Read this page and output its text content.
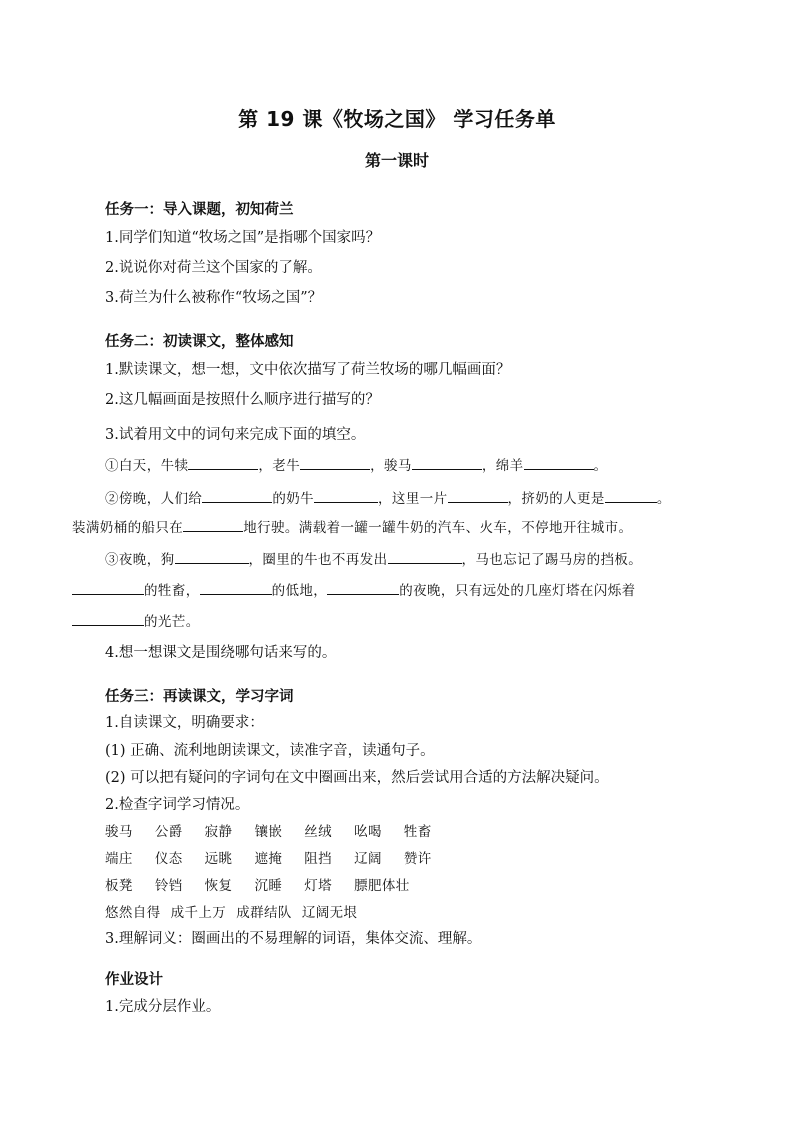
第 19 课《牧场之国》 学习任务单
第一课时
任务一：导入课题，初知荷兰
1.同学们知道“牧场之国”是指哪个国家吗？
2.说说你对荷兰这个国家的了解。
3.荷兰为什么被称作“牧场之国”？
任务二：初读课文，整体感知
1.默读课文，想一想，文中依次描写了荷兰牧场的哪几幅画面？
2.这几幅画面是按照什么顺序进行描写的？
3.试着用文中的词句来完成下面的填空。
①白天，牛犊	，老牛	，骏马	，绵羊	。
②傍晚，人们给	的奶牛	，这里一片	，挤奶的人更是	。
装满奶桶的船只在	地行驶。满载着一罐一罐牛奶的汽车、火车，不停地开往城市。
③夜晚，狗	，圈里的牛也不再发出	，马也忘记了踢马房的挡板。
的牲畜，	的低地，	的夜晚，只有远处的几座灯塔在闪烁着
的光芒。
4.想一想课文是围绕哪句话来写的。
任务三：再读课文，学习字词
1.自读课文，明确要求：
(1) 正确、流利地朗读课文，读准字音，读通句子。
(2) 可以把有疑问的字词句在文中圈画出来，然后尝试用合适的方法解决疑问。
2.检查字词学习情况。
骏马 公爵 寂静 镶嵌 丝绒 吆喝 牲畜
端庄 仪态 远眺 遮掩 阻挡 辽阔 赞许
板凳 铃铛 恢复 沉睡 灯塔 膘肥体壮
悠然自得 成千上万 成群结队 辽阔无垠
3.理解词义：圈画出的不易理解的词语，集体交流、理解。
作业设计
1.完成分层作业。
